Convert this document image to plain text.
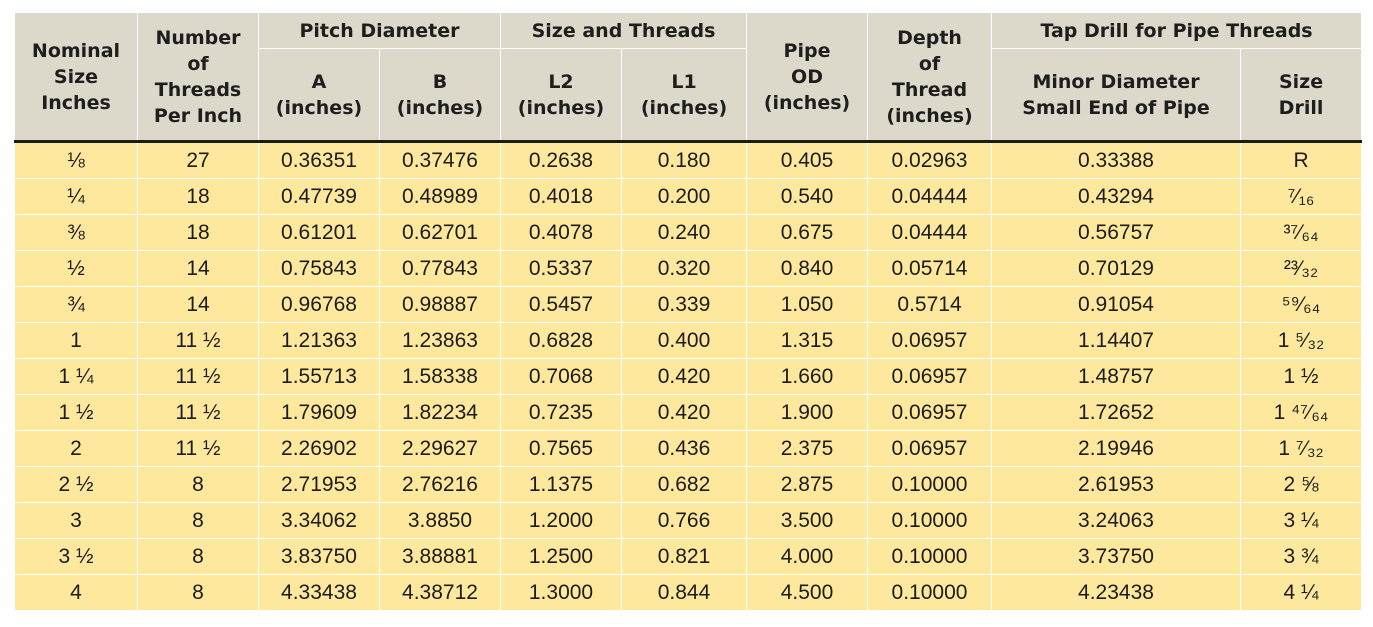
Nominal
Size
Inches	Number
of
Threads
Per Inch	Pitch Diameter		Size and Threads		Pipe
OD
(inches)	Depth
of
Thread
(inches)	Tap Drill for Pipe Threads	

		A
(inches)	B
(inches)	L2
(inches)	L1
(inches)			Minor Diameter
Small End of Pipe	Size
Drill

⅛	27	0.36351	0.37476	0.2638	0.180	0.405	0.02963	0.33388	R
¼	18	0.47739	0.48989	0.4018	0.200	0.540	0.04444	0.43294	⁷⁄₁₆
⅜	18	0.61201	0.62701	0.4078	0.240	0.675	0.04444	0.56757	³⁷⁄₆₄
½	14	0.75843	0.77843	0.5337	0.320	0.840	0.05714	0.70129	²³⁄₃₂
¾	14	0.96768	0.98887	0.5457	0.339	1.050	0.5714	0.91054	⁵⁹⁄₆₄
1	11 ½	1.21363	1.23863	0.6828	0.400	1.315	0.06957	1.14407	1 ⁵⁄₃₂
1 ¼	11 ½	1.55713	1.58338	0.7068	0.420	1.660	0.06957	1.48757	1 ½
1 ½	11 ½	1.79609	1.82234	0.7235	0.420	1.900	0.06957	1.72652	1 ⁴⁷⁄₆₄
2	11 ½	2.26902	2.29627	0.7565	0.436	2.375	0.06957	2.19946	1 ⁷⁄₃₂
2 ½	8	2.71953	2.76216	1.1375	0.682	2.875	0.10000	2.61953	2 ⅝
3	8	3.34062	3.8850	1.2000	0.766	3.500	0.10000	3.24063	3 ¼
3 ½	8	3.83750	3.88881	1.2500	0.821	4.000	0.10000	3.73750	3 ¾
4	8	4.33438	4.38712	1.3000	0.844	4.500	0.10000	4.23438	4 ¼
